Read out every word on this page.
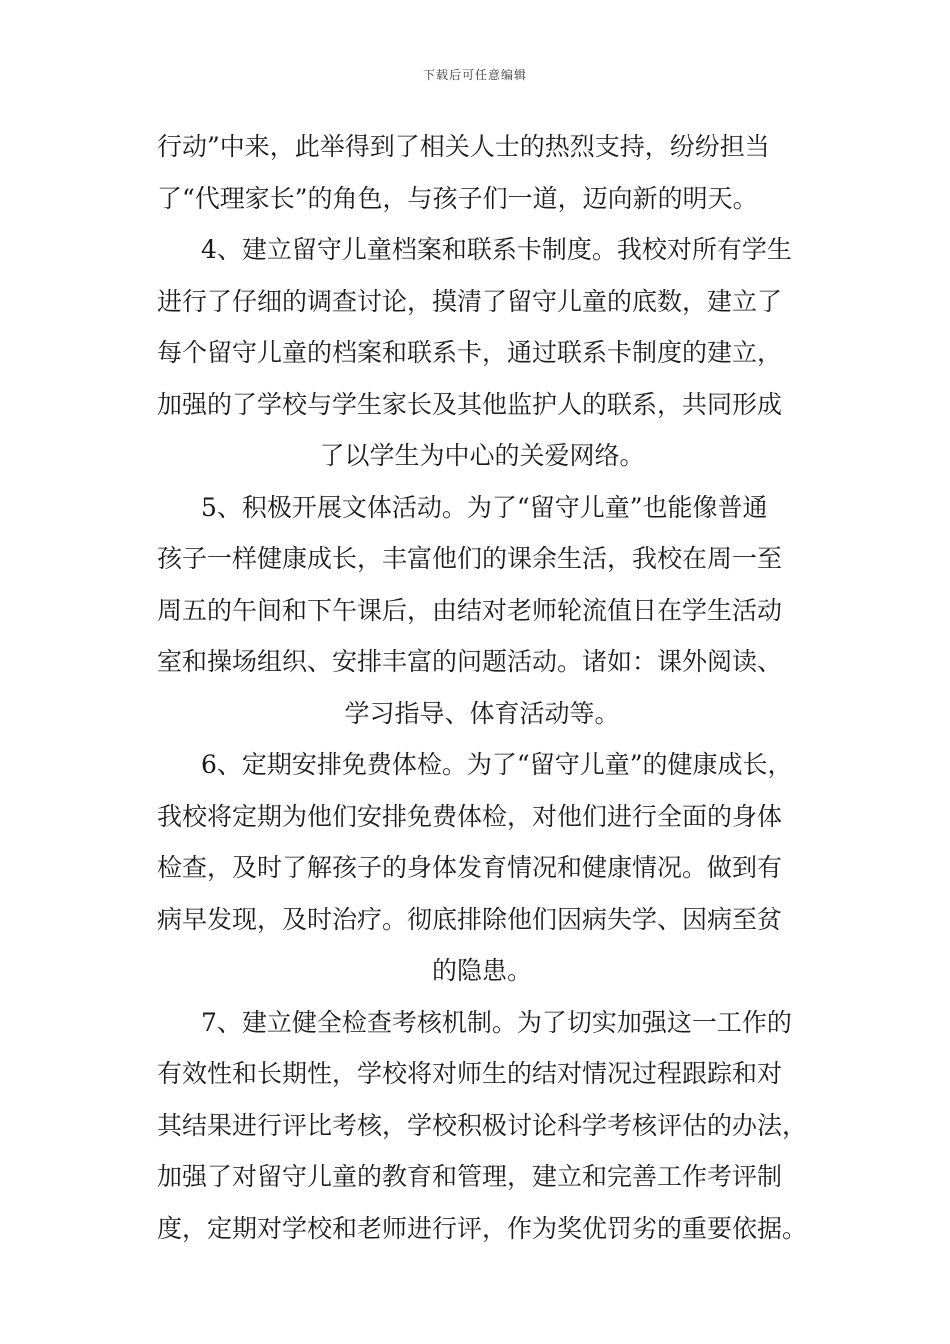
下载后可任意编辑
行动”中来，此举得到了相关人士的热烈支持，纷纷担当
了“代理家长”的角色，与孩子们一道，迈向新的明天。
4、建立留守儿童档案和联系卡制度。我校对所有学生
进行了仔细的调查讨论，摸清了留守儿童的底数，建立了
每个留守儿童的档案和联系卡，通过联系卡制度的建立，
加强的了学校与学生家长及其他监护人的联系，共同形成
了以学生为中心的关爱网络。
5、积极开展文体活动。为了“留守儿童”也能像普通
孩子一样健康成长，丰富他们的课余生活，我校在周一至
周五的午间和下午课后，由结对老师轮流值日在学生活动
室和操场组织、安排丰富的问题活动。诸如：课外阅读、
学习指导、体育活动等。
6、定期安排免费体检。为了“留守儿童”的健康成长，
我校将定期为他们安排免费体检，对他们进行全面的身体
检查，及时了解孩子的身体发育情况和健康情况。做到有
病早发现，及时治疗。彻底排除他们因病失学、因病至贫
的隐患。
7、建立健全检查考核机制。为了切实加强这一工作的
有效性和长期性，学校将对师生的结对情况过程跟踪和对
其结果进行评比考核，学校积极讨论科学考核评估的办法，
加强了对留守儿童的教育和管理，建立和完善工作考评制
度，定期对学校和老师进行评，作为奖优罚劣的重要依据。
